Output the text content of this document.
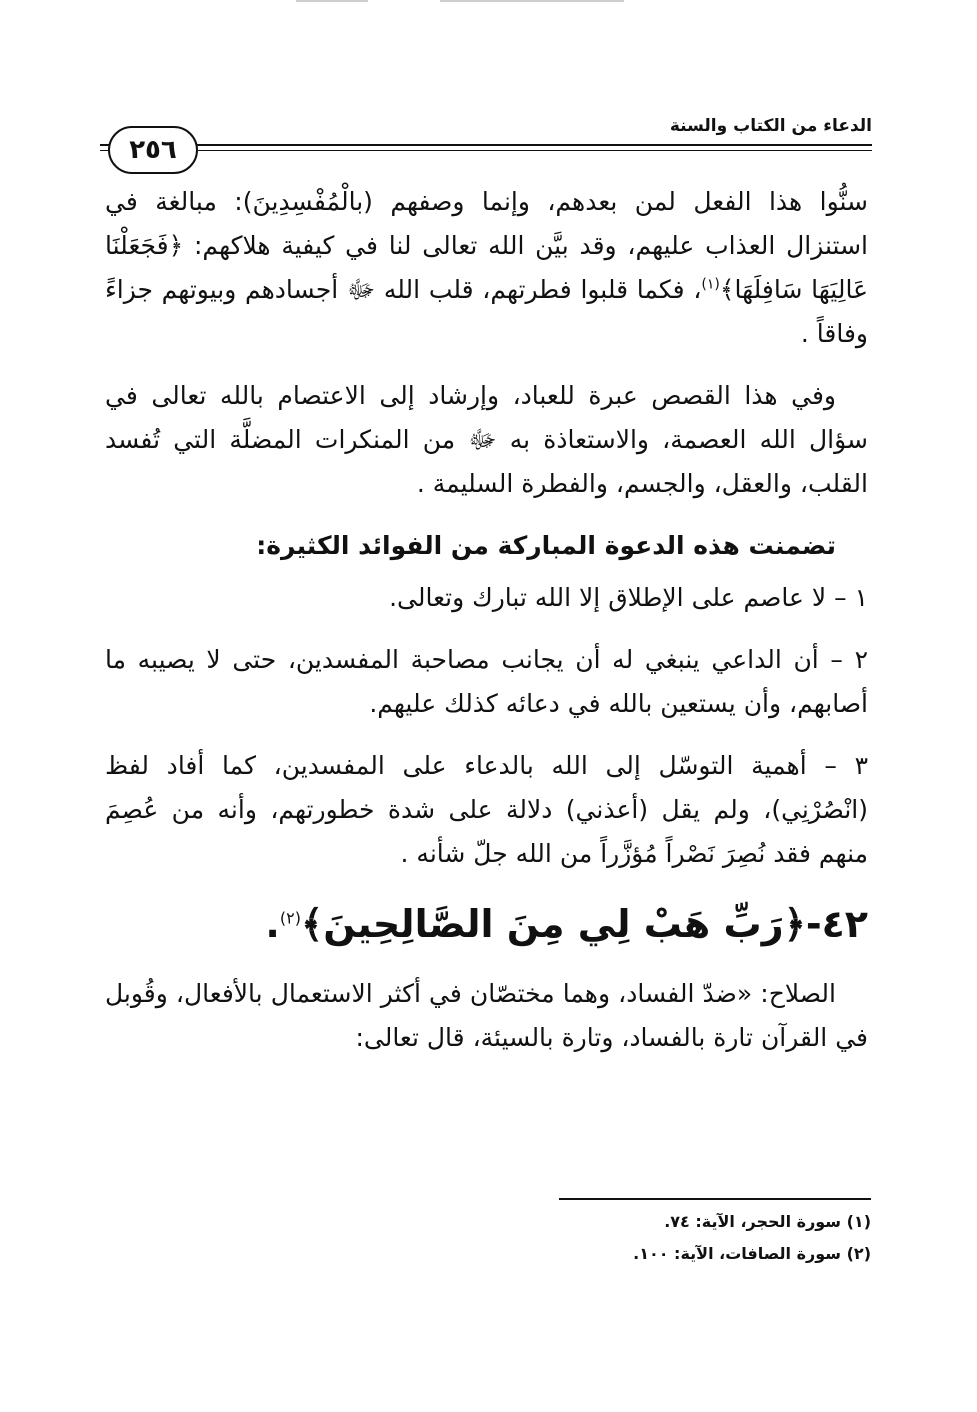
الدعاء من الكتاب والسنة
٢٥٦

سنُّوا هذا الفعل لمن بعدهم، وإنما وصفهم (بالْمُفْسِدِينَ): مبالغة في استنزال العذاب عليهم، وقد بيَّن الله تعالى لنا في كيفية هلاكهم: ﴿فَجَعَلْنَا عَالِيَهَا سَافِلَهَا﴾$^{(١)}$، فكما قلبوا فطرتهم، قلب الله ﷻ أجسادهم وبيوتهم جزاءً وفاقاً .

وفي هذا القصص عبرة للعباد، وإرشاد إلى الاعتصام بالله تعالى في سؤال الله العصمة، والاستعاذة به ﷻ من المنكرات المضلَّة التي تُفسد القلب، والعقل، والجسم، والفطرة السليمة .

تضمنت هذه الدعوة المباركة من الفوائد الكثيرة:

١ – لا عاصم على الإطلاق إلا الله تبارك وتعالى.

٢ – أن الداعي ينبغي له أن يجانب مصاحبة المفسدين، حتى لا يصيبه ما أصابهم، وأن يستعين بالله في دعائه كذلك عليهم.

٣ – أهمية التوسّل إلى الله بالدعاء على المفسدين، كما أفاد لفظ (انْصُرْنِي)، ولم يقل (أعذني) دلالة على شدة خطورتهم، وأنه من عُصِمَ منهم فقد نُصِرَ نَصْراً مُؤزَّراً من الله جلّ شأنه .

٤٢-﴿رَبِّ هَبْ لِي مِنَ الصَّالِحِينَ﴾$^{(٢)}$.

الصلاح: «ضدّ الفساد، وهما مختصّان في أكثر الاستعمال بالأفعال، وقُوبل في القرآن تارة بالفساد، وتارة بالسيئة، قال تعالى:

(١) سورة الحجر، الآية: ٧٤.
(٢) سورة الصافات، الآية: ١٠٠.
